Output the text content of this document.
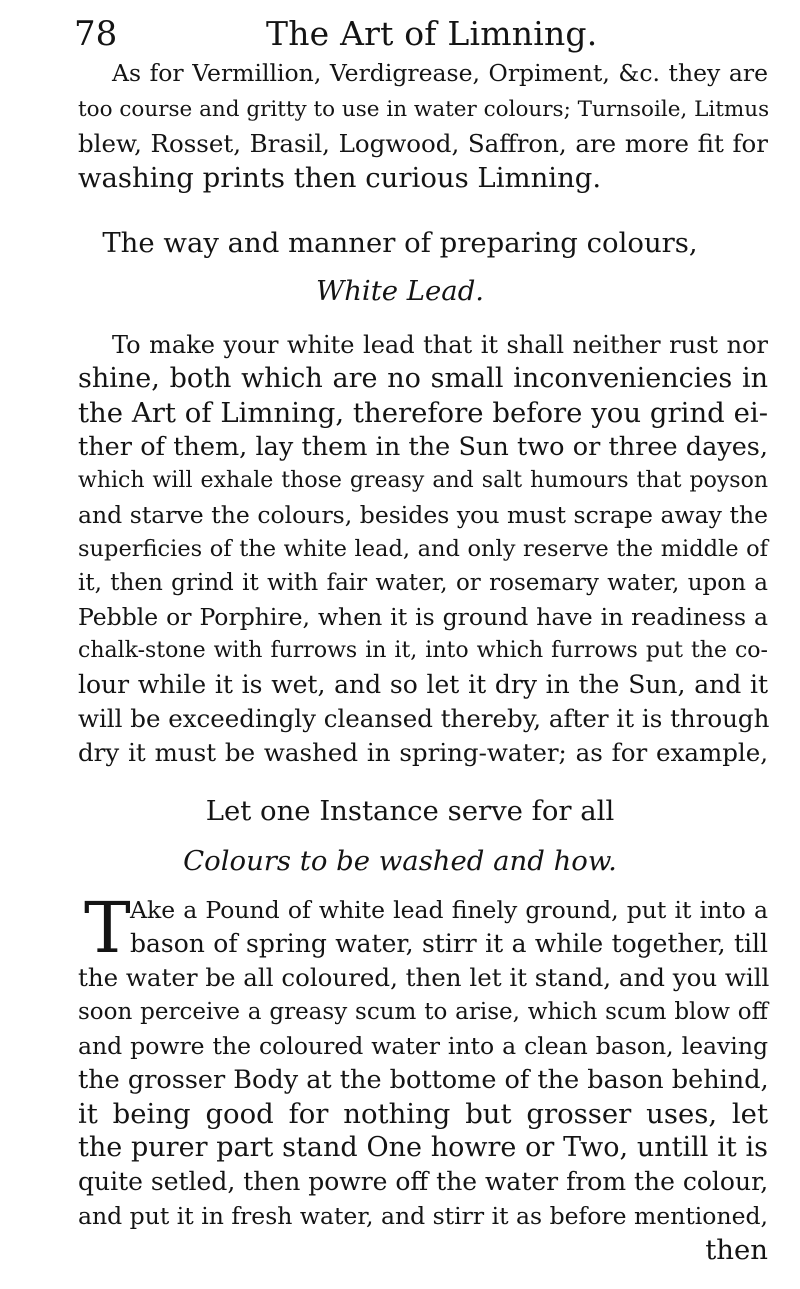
78	The Art of Limning.
As for Vermillion, Verdigrease, Orpiment, &c. they are
too course and gritty to use in water colours; Turnsoile, Litmus
blew, Rosset, Brasil, Logwood, Saffron, are more fit for
washing prints then curious Limning.
The way and manner of preparing colours,
White Lead.
To make your white lead that it shall neither rust nor
shine, both which are no small inconveniencies in
the Art of Limning, therefore before you grind ei-
ther of them, lay them in the Sun two or three dayes,
which will exhale those greasy and salt humours that poyson
and starve the colours, besides you must scrape away the
superficies of the white lead, and only reserve the middle of
it, then grind it with fair water, or rosemary water, upon a
Pebble or Porphire, when it is ground have in readiness a
chalk-stone with furrows in it, into which furrows put the co-
lour while it is wet, and so let it dry in the Sun, and it
will be exceedingly cleansed thereby, after it is through
dry it must be washed in spring-water; as for example,
Let one Instance serve for all
Colours to be washed and how.
T Ake a Pound of white lead finely ground, put it into a
bason of spring water, stirr it a while together, till
the water be all coloured, then let it stand, and you will
soon perceive a greasy scum to arise, which scum blow off
and powre the coloured water into a clean bason, leaving
the grosser Body at the bottome of the bason behind,
it being good for nothing but grosser uses, let
the purer part stand One howre or Two, untill it is
quite setled, then powre off the water from the colour,
and put it in fresh water, and stirr it as before mentioned,
then
